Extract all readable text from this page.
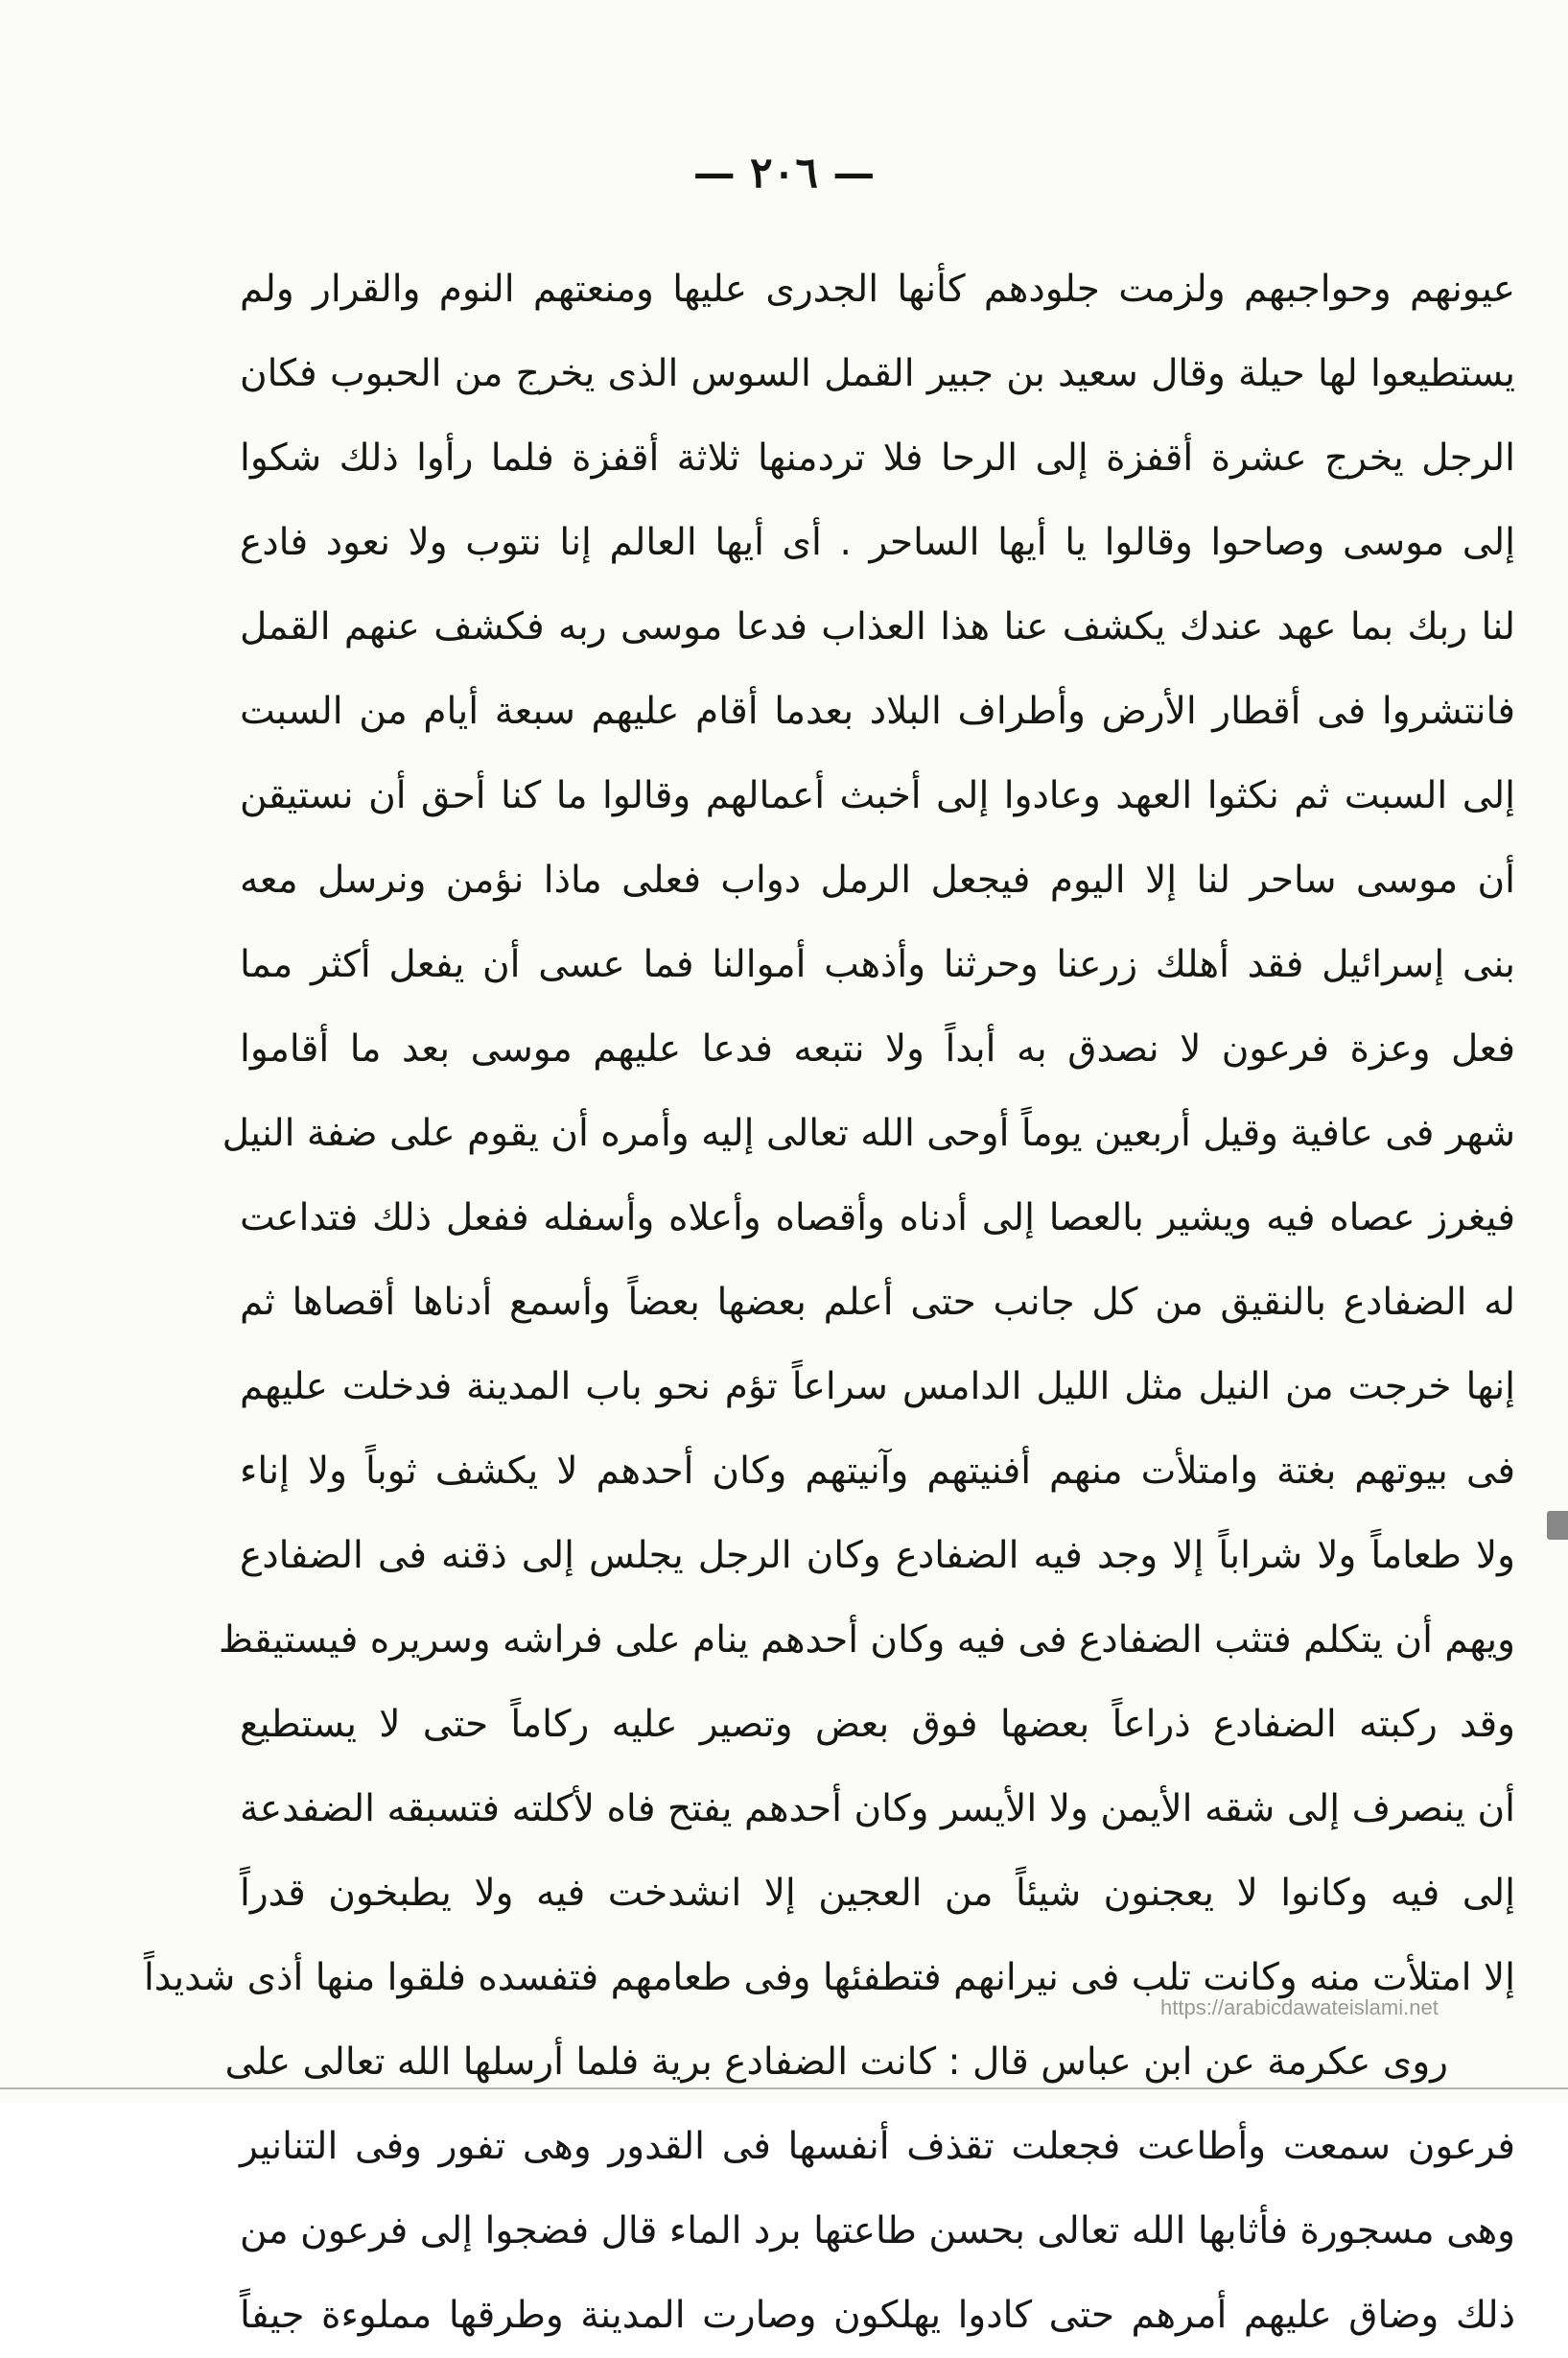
— ٢٠٦ —
عيونهم وحواجبهم ولزمت جلودهم كأنها الجدرى عليها ومنعتهم النوم والقرار ولم
يستطيعوا لها حيلة وقال سعيد بن جبير القمل السوس الذى يخرج من الحبوب فكان
الرجل يخرج عشرة أقفزة إلى الرحا فلا تردمنها ثلاثة أقفزة فلما رأوا ذلك شكوا
إلى موسى وصاحوا وقالوا يا أيها الساحر . أى أيها العالم إنا نتوب ولا نعود فادع
لنا ربك بما عهد عندك يكشف عنا هذا العذاب فدعا موسى ربه فكشف عنهم القمل
فانتشروا فى أقطار الأرض وأطراف البلاد بعدما أقام عليهم سبعة أيام من السبت
إلى السبت ثم نكثوا العهد وعادوا إلى أخبث أعمالهم وقالوا ما كنا أحق أن نستيقن
أن موسى ساحر لنا إلا اليوم فيجعل الرمل دواب فعلى ماذا نؤمن ونرسل معه
بنى إسرائيل فقد أهلك زرعنا وحرثنا وأذهب أموالنا فما عسى أن يفعل أكثر مما
فعل وعزة فرعون لا نصدق به أبداً ولا نتبعه فدعا عليهم موسى بعد ما أقاموا
شهر فى عافية وقيل أربعين يوماً أوحى الله تعالى إليه وأمره أن يقوم على ضفة النيل
فيغرز عصاه فيه ويشير بالعصا إلى أدناه وأقصاه وأعلاه وأسفله ففعل ذلك فتداعت
له الضفادع بالنقيق من كل جانب حتى أعلم بعضها بعضاً وأسمع أدناها أقصاها ثم
إنها خرجت من النيل مثل الليل الدامس سراعاً تؤم نحو باب المدينة فدخلت عليهم
فى بيوتهم بغتة وامتلأت منهم أفنيتهم وآنيتهم وكان أحدهم لا يكشف ثوباً ولا إناء
ولا طعاماً ولا شراباً إلا وجد فيه الضفادع وكان الرجل يجلس إلى ذقنه فى الضفادع
ويهم أن يتكلم فتثب الضفادع فى فيه وكان أحدهم ينام على فراشه وسريره فيستيقظ
وقد ركبته الضفادع ذراعاً بعضها فوق بعض وتصير عليه ركاماً حتى لا يستطيع
أن ينصرف إلى شقه الأيمن ولا الأيسر وكان أحدهم يفتح فاه لأكلته فتسبقه الضفدعة
إلى فيه وكانوا لا يعجنون شيئاً من العجين إلا انشدخت فيه ولا يطبخون قدراً
إلا امتلأت منه وكانت تلب فى نيرانهم فتطفئها وفى طعامهم فتفسده فلقوا منها أذى شديداً
روى عكرمة عن ابن عباس قال : كانت الضفادع برية فلما أرسلها الله تعالى على
فرعون سمعت وأطاعت فجعلت تقذف أنفسها فى القدور وهى تفور وفى التنانير
وهى مسجورة فأثابها الله تعالى بحسن طاعتها برد الماء قال فضجوا إلى فرعون من
ذلك وضاق عليهم أمرهم حتى كادوا يهلكون وصارت المدينة وطرقها مملوءة جيفاً
https://arabicdawateislami.net
